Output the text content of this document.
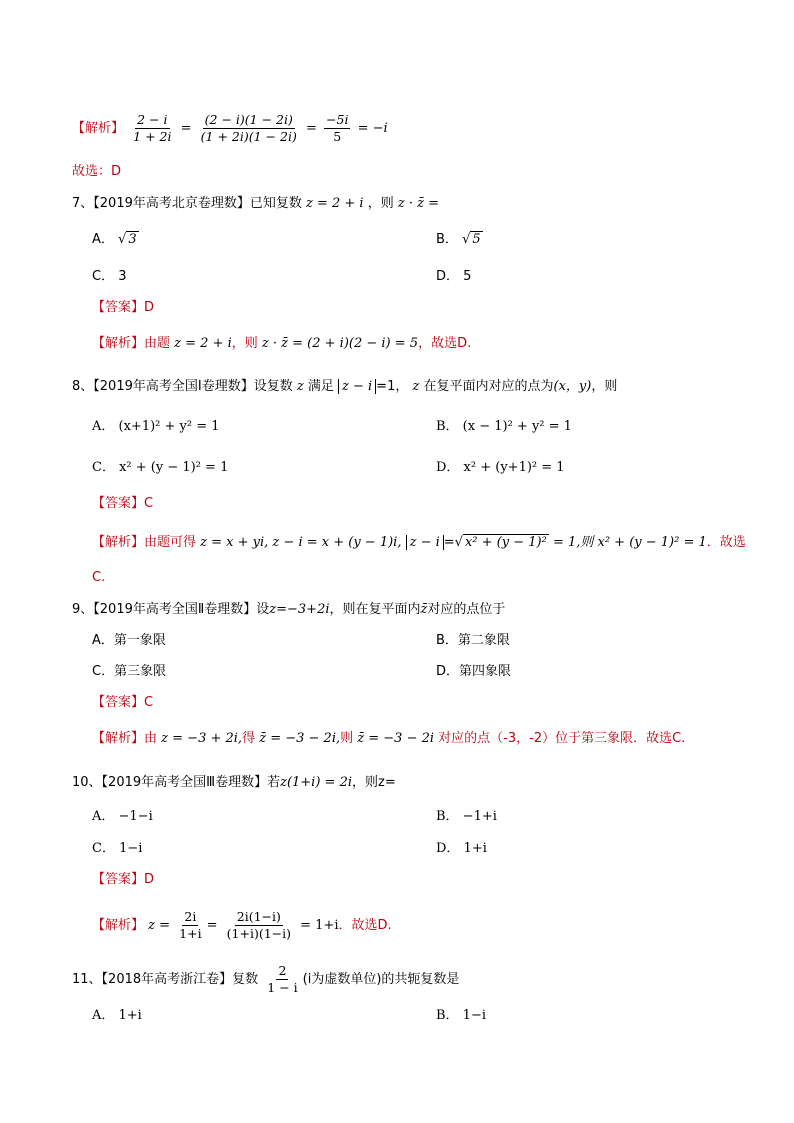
【解析】 $\frac{2 - i}{1 + 2i} = \frac{(2 - i)(1 - 2i)}{(1 + 2i)(1 - 2i)} = \frac{-5i}{5} = -i$
故选：D
7、【2019年高考北京卷理数】已知复数 z = 2 + i ，则 z · z̄ =
A． √ 3	B． √ 5
C． 3	D． 5
【答案】D
【解析】由题 z = 2 + i，则 z · z̄ = (2 + i)(2 − i) = 5，故选D.
8、【2019年高考全国Ⅰ卷理数】设复数 z 满足 z − i =1， z 在复平面内对应的点为(x，y)，则
A． (x+1)² + y² = 1	B． (x − 1)² + y² = 1
C． x² + (y − 1)² = 1	D． x² + (y+1)² = 1
【答案】C
【解析】由题可得 z = x + yi, z − i = x + (y − 1)i, z − i =√ x² + (y − 1)² = 1,则 x² + (y − 1)² = 1．故选
C.
9、【2019年高考全国Ⅱ卷理数】设z=−3+2i，则在复平面内z̄对应的点位于
A．第一象限	B．第二象限
C．第三象限	D．第四象限
【答案】C
【解析】由 z = −3 + 2i,得 z̄ = −3 − 2i,则 z̄ = −3 − 2i 对应的点（-3，-2）位于第三象限．故选C.
10、【2019年高考全国Ⅲ卷理数】若z(1+i) = 2i，则z=
A． −1−i	B． −1+i
C． 1−i	D． 1+i
【答案】D
【解析】 $z = \frac{2i}{1+i} = \frac{2i(1-i)}{(1+i)(1-i)} = 1+i$．故选D.
11、【2018年高考浙江卷】复数 $\frac{2}{1 - i} (i$为虚数单位)的共轭复数是
A． 1+i	B． 1−i
